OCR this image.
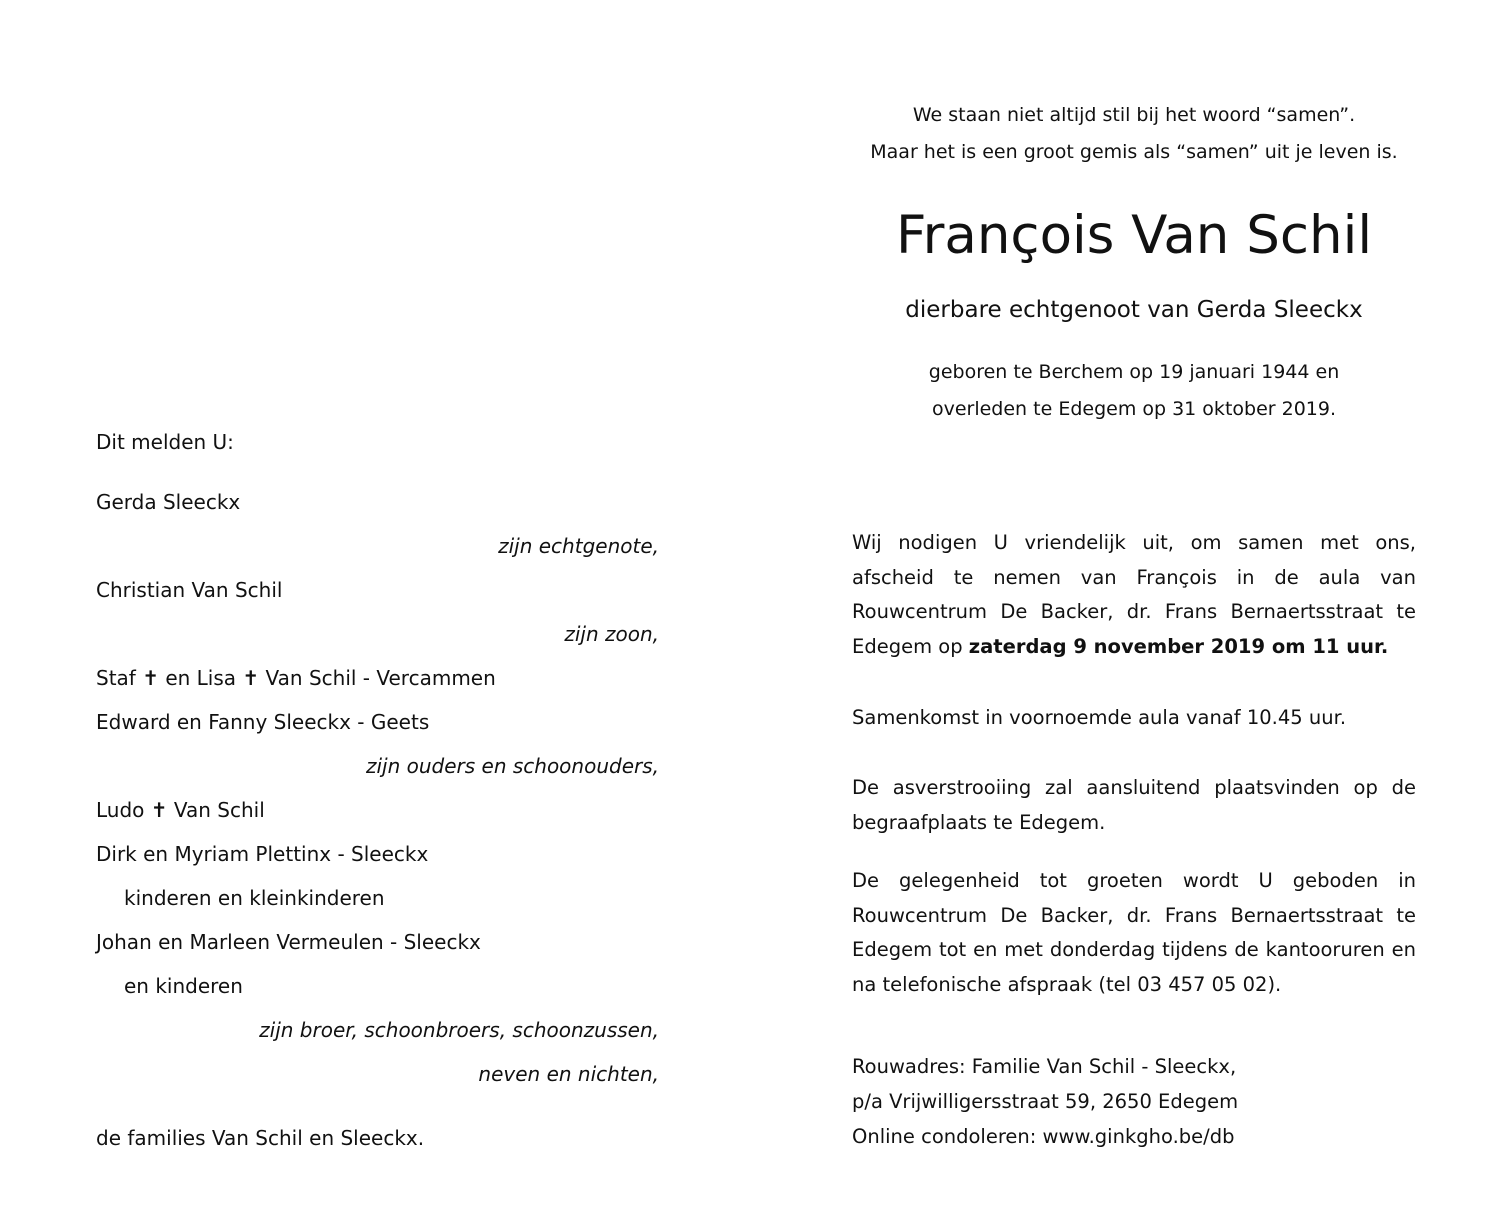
We staan niet altijd stil bij het woord “samen”.
Maar het is een groot gemis als “samen” uit je leven is.
François Van Schil
dierbare echtgenoot van Gerda Sleeckx
geboren te Berchem op 19 januari 1944 en
overleden te Edegem op 31 oktober 2019.
Dit melden U:
Gerda Sleeckx
zijn echtgenote,
Christian Van Schil
zijn zoon,
Staf ✝ en Lisa ✝ Van Schil - Vercammen
Edward en Fanny Sleeckx - Geets
zijn ouders en schoonouders,
Ludo ✝ Van Schil
Dirk en Myriam Plettinx - Sleeckx
kinderen en kleinkinderen
Johan en Marleen Vermeulen - Sleeckx
en kinderen
zijn broer, schoonbroers, schoonzussen,
neven en nichten,
de families Van Schil en Sleeckx.
Wij nodigen U vriendelijk uit, om samen met ons, afscheid te nemen van François in de aula van Rouwcentrum De Backer, dr. Frans Bernaertsstraat te Edegem op zaterdag 9 november 2019 om 11 uur.
Samenkomst in voornoemde aula vanaf 10.45 uur.
De asverstrooiing zal aansluitend plaatsvinden op de begraafplaats te Edegem.
De gelegenheid tot groeten wordt U geboden in Rouwcentrum De Backer, dr. Frans Bernaertsstraat te Edegem tot en met donderdag tijdens de kantooruren en na telefonische afspraak (tel 03 457 05 02).
Rouwadres: Familie Van Schil - Sleeckx,
p/a Vrijwilligersstraat 59, 2650 Edegem
Online condoleren: www.ginkgho.be/db
